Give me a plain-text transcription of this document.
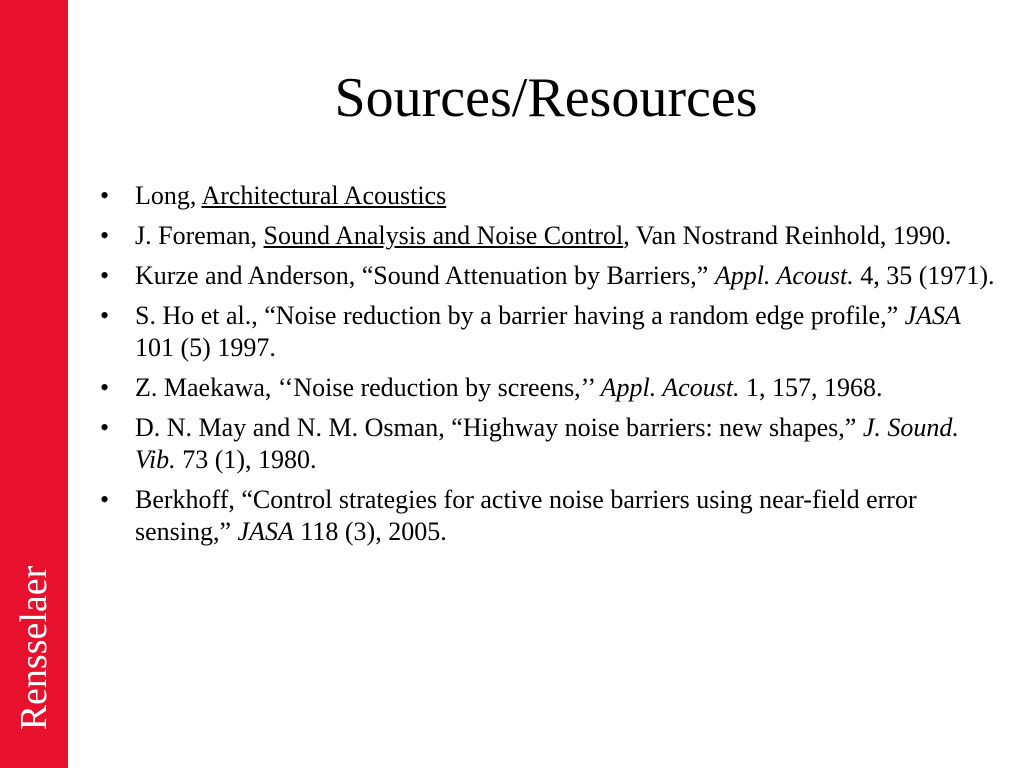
Rensselaer
Sources/Resources
• Long, Architectural Acoustics
• J. Foreman, Sound Analysis and Noise Control, Van Nostrand Reinhold, 1990.
• Kurze and Anderson, “Sound Attenuation by Barriers,” Appl. Acoust. 4, 35 (1971).
• S. Ho et al., “Noise reduction by a barrier having a random edge profile,” JASA 101 (5) 1997.
• Z. Maekawa, ‘‘Noise reduction by screens,’’ Appl. Acoust. 1, 157, 1968.
• D. N. May and N. M. Osman, “Highway noise barriers: new shapes,” J. Sound. Vib. 73 (1), 1980.
• Berkhoff, “Control strategies for active noise barriers using near-field error sensing,” JASA 118 (3), 2005.
